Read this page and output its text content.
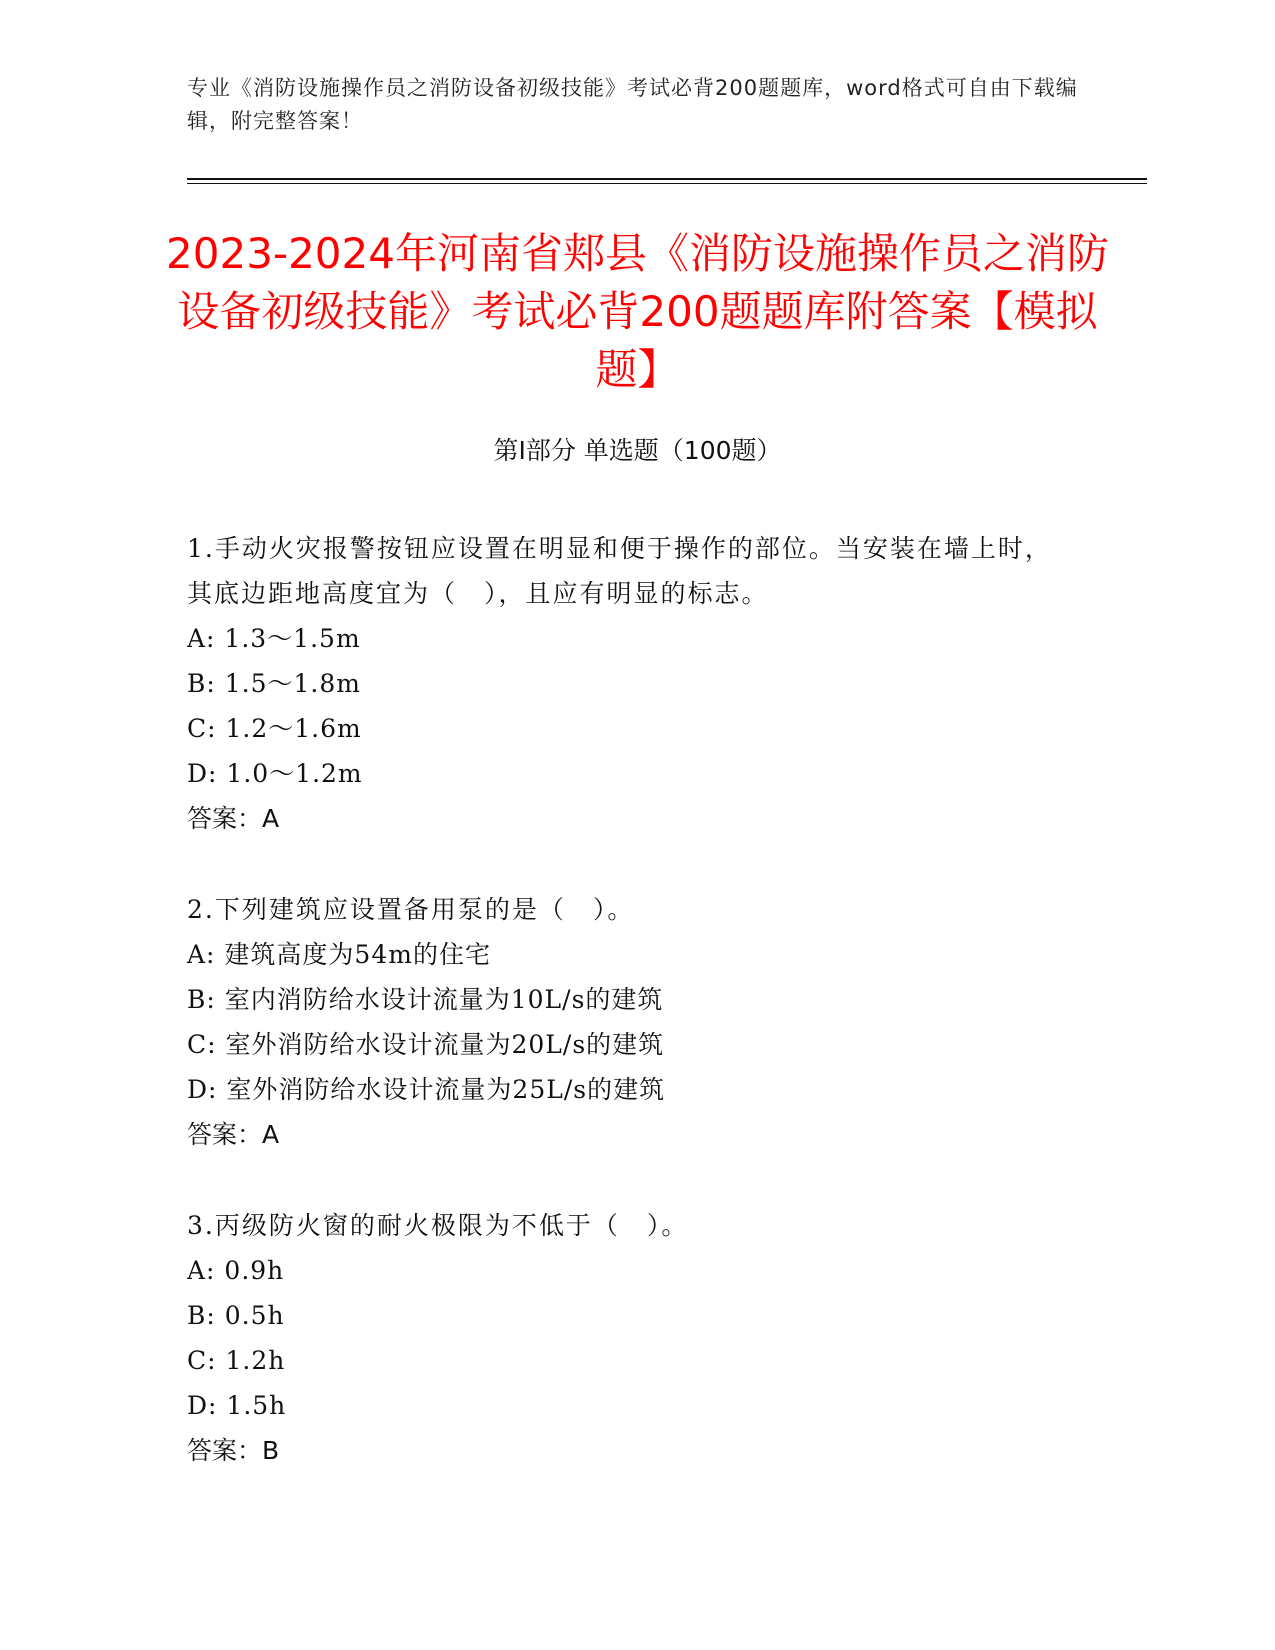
专业《消防设施操作员之消防设备初级技能》考试必背200题题库，word格式可自由下载编辑，附完整答案！
2023-2024年河南省郏县《消防设施操作员之消防设备初级技能》考试必背200题题库附答案【模拟题】
第I部分 单选题（100题）

1.手动火灾报警按钮应设置在明显和便于操作的部位。当安装在墙上时，其底边距地高度宜为（　），且应有明显的标志。

A: 1.3～1.5m

B: 1.5～1.8m

C: 1.2～1.6m

D: 1.0～1.2m

答案：A

2.下列建筑应设置备用泵的是（　）。

A: 建筑高度为54m的住宅

B: 室内消防给水设计流量为10L/s的建筑

C: 室外消防给水设计流量为20L/s的建筑

D: 室外消防给水设计流量为25L/s的建筑

答案：A

3.丙级防火窗的耐火极限为不低于（　）。

A: 0.9h

B: 0.5h

C: 1.2h

D: 1.5h

答案：B
